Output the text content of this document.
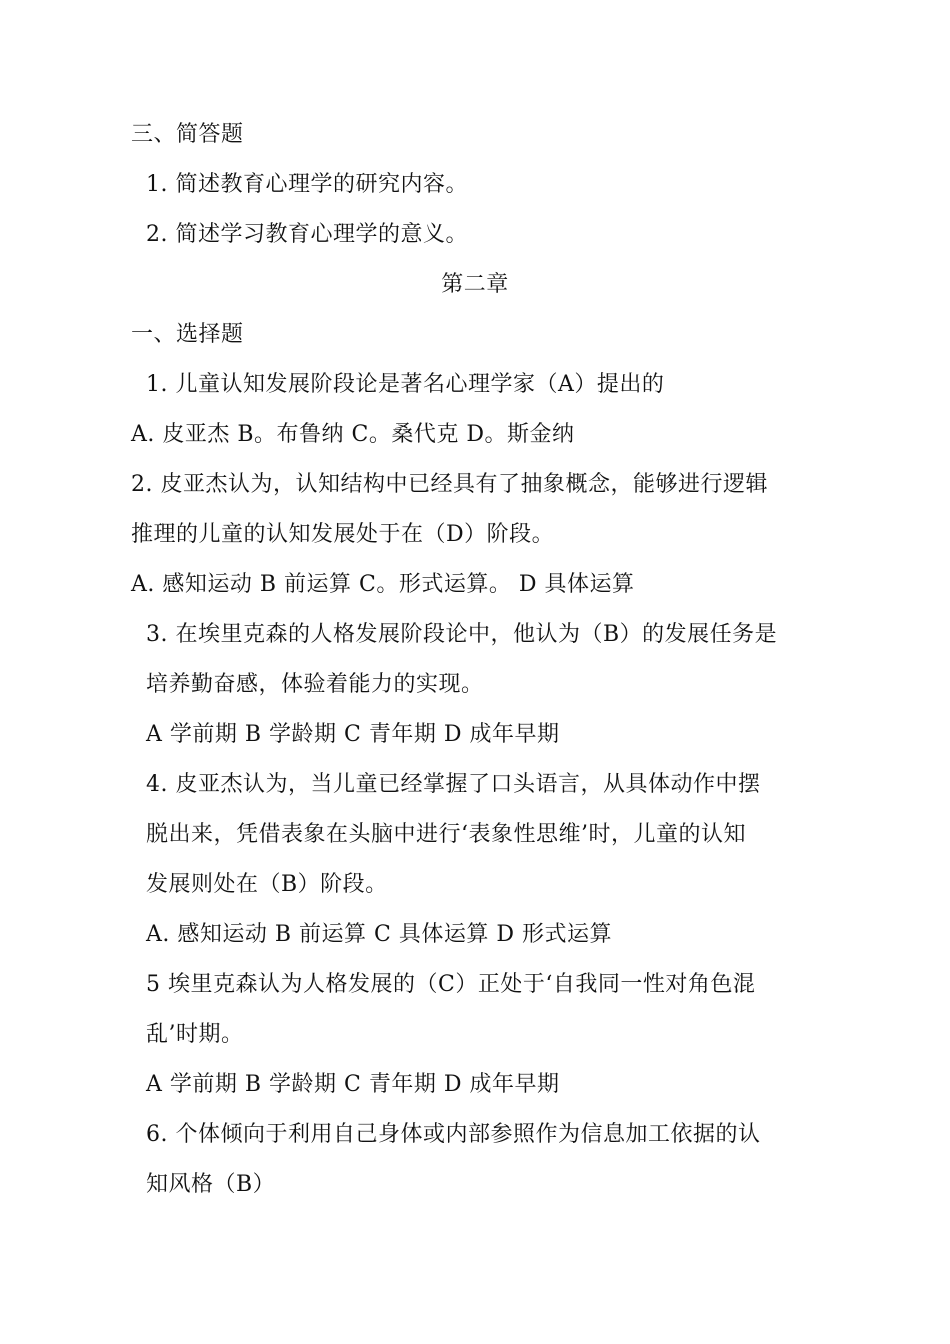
三、简答题
1. 简述教育心理学的研究内容。
2. 简述学习教育心理学的意义。
第二章
一、选择题
1. 儿童认知发展阶段论是著名心理学家（A）提出的
A. 皮亚杰 B。布鲁纳 C。桑代克 D。斯金纳
2. 皮亚杰认为，认知结构中已经具有了抽象概念，能够进行逻辑
推理的儿童的认知发展处于在（D）阶段。
A. 感知运动 B 前运算 C。形式运算。 D 具体运算
3. 在埃里克森的人格发展阶段论中，他认为（B）的发展任务是
培养勤奋感，体验着能力的实现。
A 学前期 B 学龄期 C 青年期 D 成年早期
4. 皮亚杰认为，当儿童已经掌握了口头语言，从具体动作中摆
脱出来，凭借表象在头脑中进行‘表象性思维’时，儿童的认知
发展则处在（B）阶段。
A. 感知运动 B 前运算 C 具体运算 D 形式运算
5 埃里克森认为人格发展的（C）正处于‘自我同一性对角色混
乱’时期。
A 学前期 B 学龄期 C 青年期 D 成年早期
6. 个体倾向于利用自己身体或内部参照作为信息加工依据的认
知风格（B）
